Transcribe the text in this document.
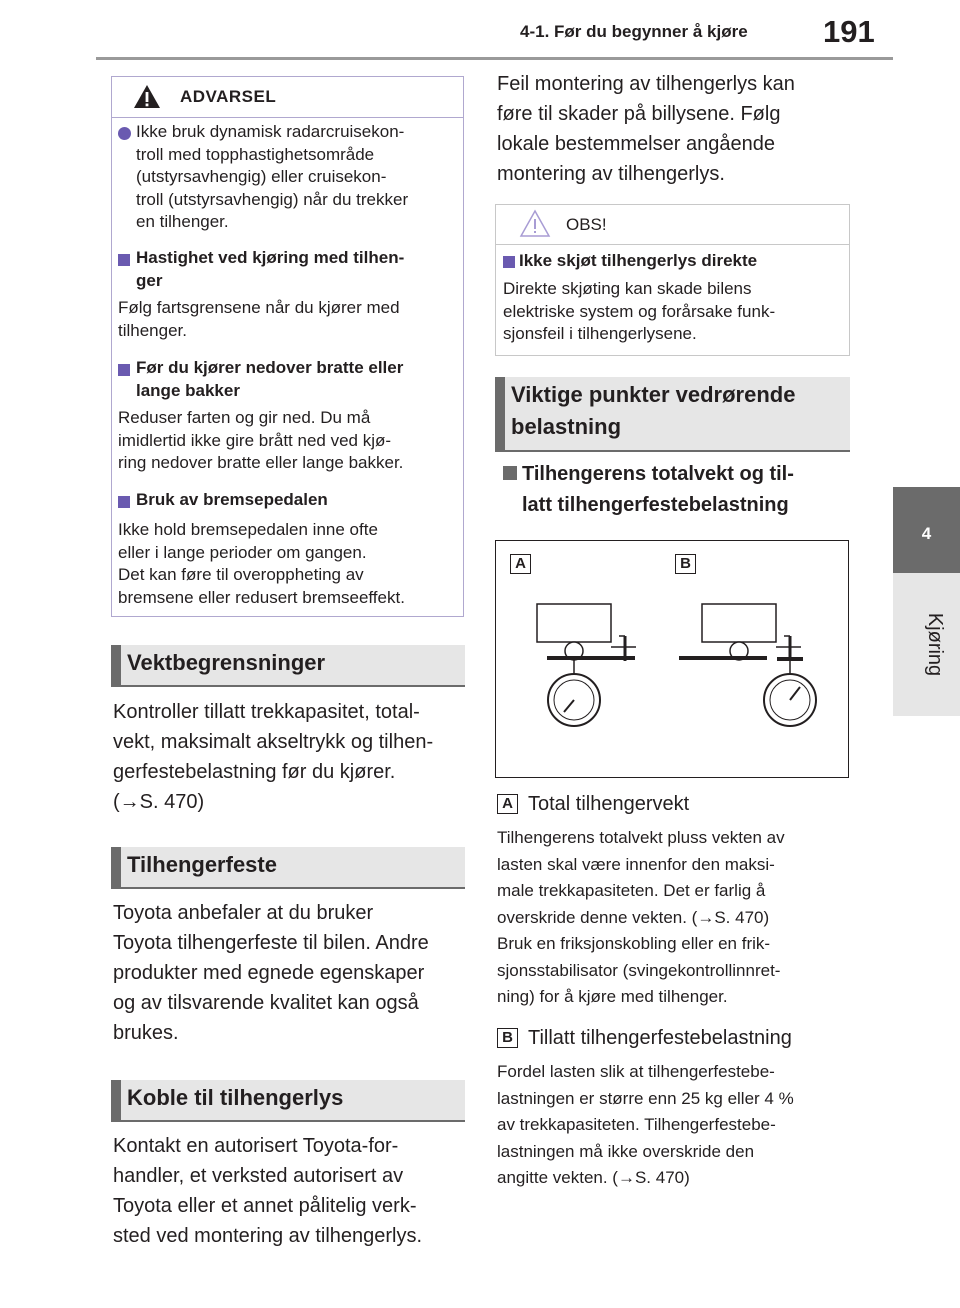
4-1. Før du begynner å kjøre 191
4
Kjøring
ADVARSEL
Ikke bruk dynamisk radarcruisekon-
troll med topphastighetsområde
(utstyrsavhengig) eller cruisekon-
troll (utstyrsavhengig) når du trekker
en tilhenger.
Hastighet ved kjøring med tilhen-
ger
Følg fartsgrensene når du kjører med
tilhenger.
Før du kjører nedover bratte eller
lange bakker
Reduser farten og gir ned. Du må
imidlertid ikke gire brått ned ved kjø-
ring nedover bratte eller lange bakker.
Bruk av bremsepedalen
Ikke hold bremsepedalen inne ofte
eller i lange perioder om gangen.
Det kan føre til overoppheting av
bremsene eller redusert bremseeffekt.
Vektbegrensninger
Kontroller tillatt trekkapasitet, total-
vekt, maksimalt akseltrykk og tilhen-
gerfestebelastning før du kjører.
(→S. 470)
Tilhengerfeste
Toyota anbefaler at du bruker
Toyota tilhengerfeste til bilen. Andre
produkter med egnede egenskaper
og av tilsvarende kvalitet kan også
brukes.
Koble til tilhengerlys
Kontakt en autorisert Toyota-for-
handler, et verksted autorisert av
Toyota eller et annet pålitelig verk-
sted ved montering av tilhengerlys.
Feil montering av tilhengerlys kan
føre til skader på billysene. Følg
lokale bestemmelser angående
montering av tilhengerlys.
OBS!
Ikke skjøt tilhengerlys direkte
Direkte skjøting kan skade bilens
elektriske system og forårsake funk-
sjonsfeil i tilhengerlysene.
Viktige punkter vedrørende
belastning
Tilhengerens totalvekt og til-
latt tilhengerfestebelastning
A	B
A Total tilhengervekt
Tilhengerens totalvekt pluss vekten av
lasten skal være innenfor den maksi-
male trekkapasiteten. Det er farlig å
overskride denne vekten. (→S. 470)
Bruk en friksjonskobling eller en frik-
sjonsstabilisator (svingekontrollinnret-
ning) for å kjøre med tilhenger.
B Tillatt tilhengerfestebelastning
Fordel lasten slik at tilhengerfestebe-
lastningen er større enn 25 kg eller 4 %
av trekkapasiteten. Tilhengerfestebe-
lastningen må ikke overskride den
angitte vekten. (→S. 470)
